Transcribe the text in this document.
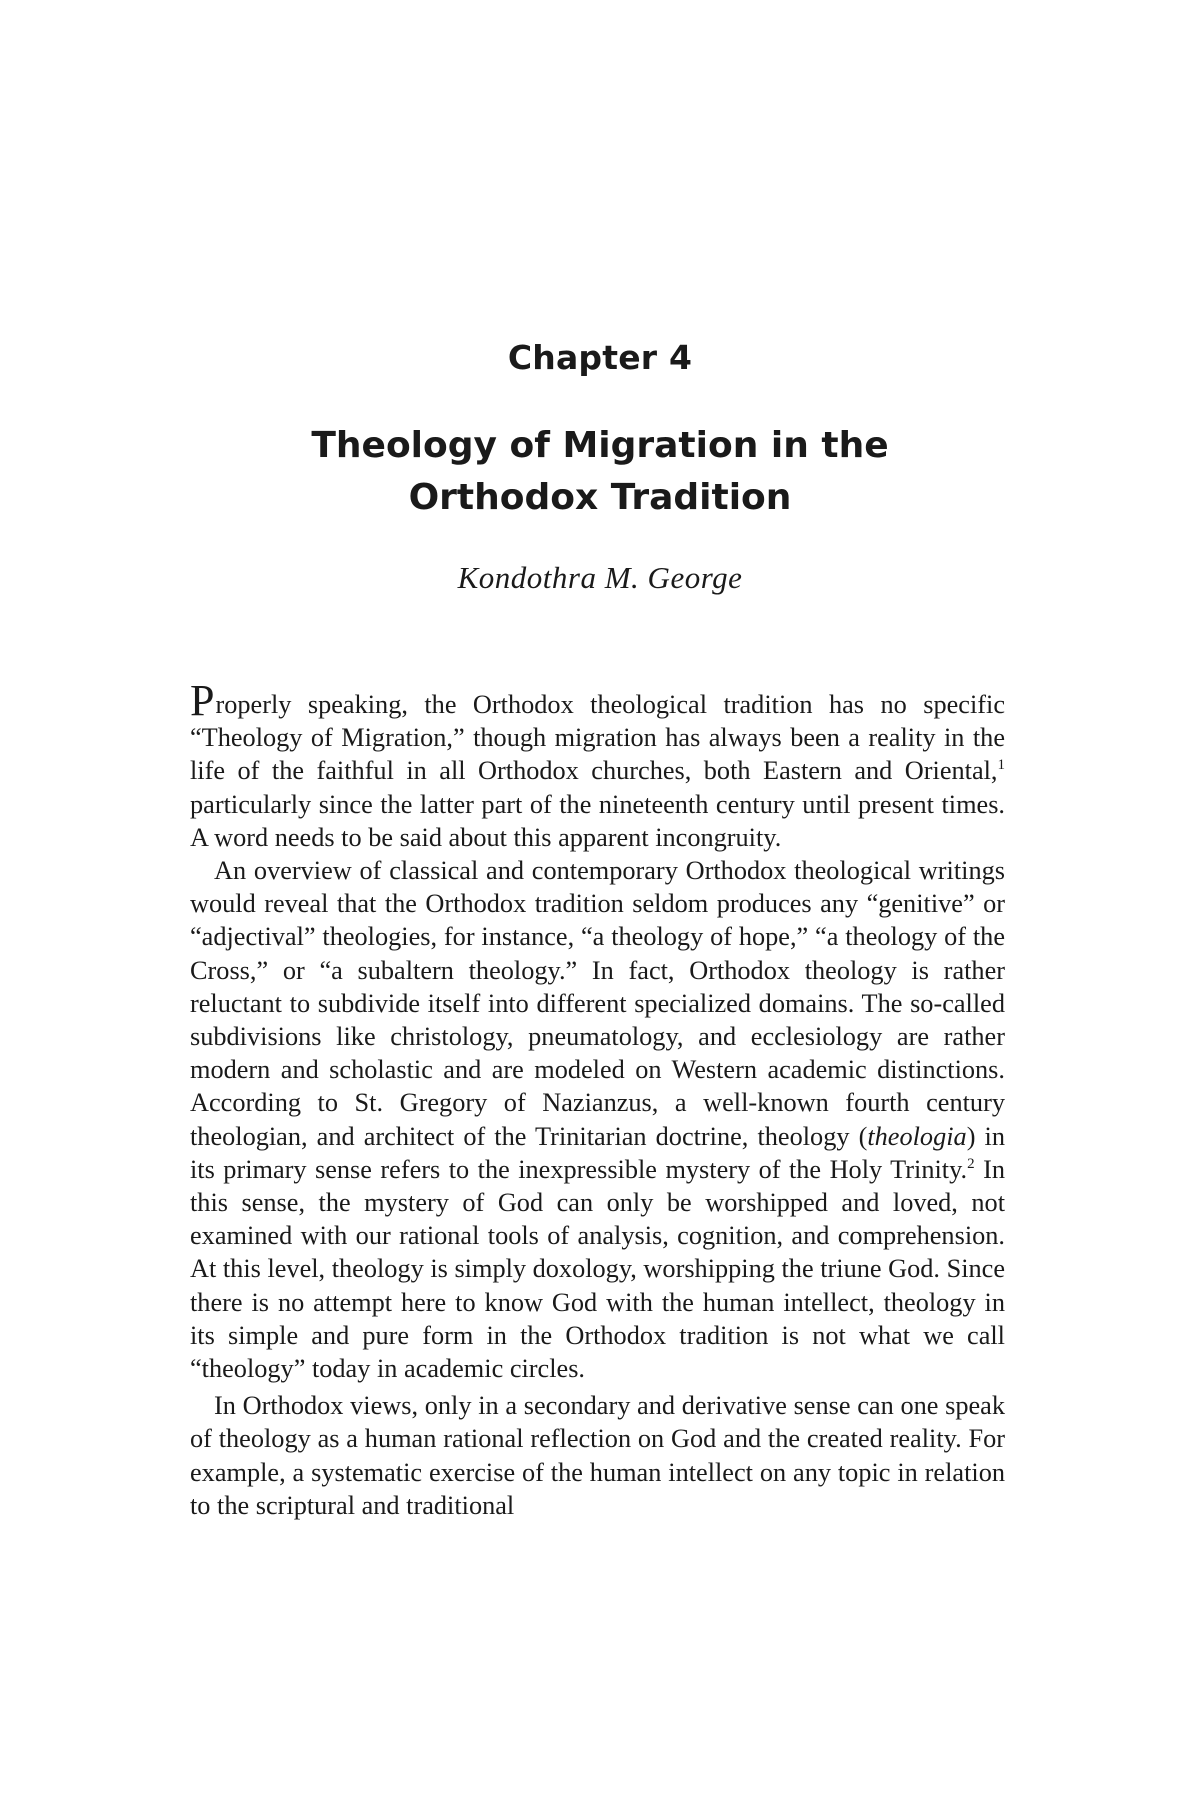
Chapter 4
Theology of Migration in the
Orthodox Tradition
Kondothra M. George

Properly speaking, the Orthodox theological tradition has no specific “Theology of Migration,” though migration has always been a reality in the life of the faithful in all Orthodox churches, both Eastern and Oriental,$^1$ particularly since the latter part of the nineteenth century until present times. A word needs to be said about this apparent incongruity.

An overview of classical and contemporary Orthodox theological writings would reveal that the Orthodox tradition seldom produces any “genitive” or “adjectival” theologies, for instance, “a theology of hope,” “a theology of the Cross,” or “a subaltern theology.” In fact, Orthodox theology is rather reluctant to subdivide itself into different specialized domains. The so-called subdivisions like christology, pneumatology, and ecclesiology are rather modern and scholastic and are modeled on Western academic distinctions. According to St. Gregory of Nazianzus, a well-known fourth century theologian, and architect of the Trinitarian doctrine, theology (theologia) in its primary sense refers to the inexpressible mystery of the Holy Trinity.$^2$ In this sense, the mystery of God can only be worshipped and loved, not examined with our rational tools of analysis, cognition, and comprehension. At this level, theology is simply doxology, worshipping the triune God. Since there is no attempt here to know God with the human intellect, theology in its simple and pure form in the Orthodox tradition is not what we call “theology” today in academic circles.

In Orthodox views, only in a secondary and derivative sense can one speak of theology as a human rational reflection on God and the created reality. For example, a systematic exercise of the human intellect on any topic in relation to the scriptural and traditional
